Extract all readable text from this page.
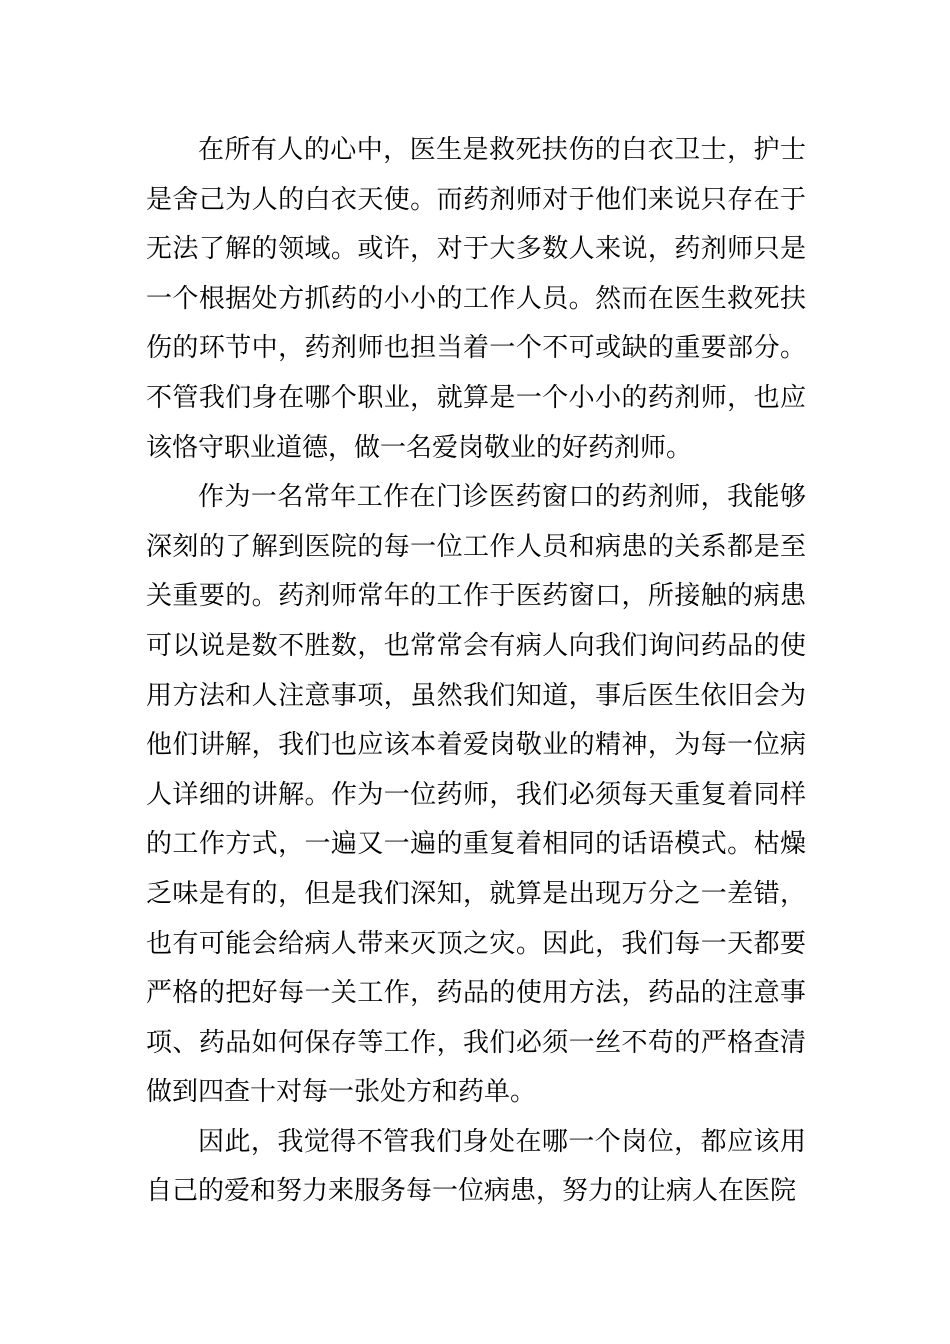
在所有人的心中，医生是救死扶伤的白衣卫士，护士是舍己为人的白衣天使。而药剂师对于他们来说只存在于无法了解的领域。或许，对于大多数人来说，药剂师只是一个根据处方抓药的小小的工作人员。然而在医生救死扶伤的环节中，药剂师也担当着一个不可或缺的重要部分。不管我们身在哪个职业，就算是一个小小的药剂师，也应该恪守职业道德，做一名爱岗敬业的好药剂师。

作为一名常年工作在门诊医药窗口的药剂师，我能够深刻的了解到医院的每一位工作人员和病患的关系都是至关重要的。药剂师常年的工作于医药窗口，所接触的病患可以说是数不胜数，也常常会有病人向我们询问药品的使用方法和人注意事项，虽然我们知道，事后医生依旧会为他们讲解，我们也应该本着爱岗敬业的精神，为每一位病人详细的讲解。作为一位药师，我们必须每天重复着同样的工作方式，一遍又一遍的重复着相同的话语模式。枯燥乏味是有的，但是我们深知，就算是出现万分之一差错，也有可能会给病人带来灭顶之灾。因此，我们每一天都要严格的把好每一关工作，药品的使用方法，药品的注意事项、药品如何保存等工作，我们必须一丝不苟的严格查清做到四查十对每一张处方和药单。

因此，我觉得不管我们身处在哪一个岗位，都应该用自己的爱和努力来服务每一位病患，努力的让病人在医院
